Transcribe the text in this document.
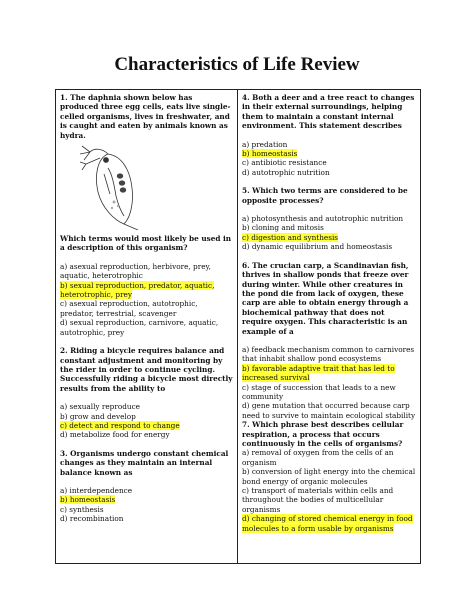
Characteristics of Life Review

1. The daphnia shown below has produced three egg cells, eats live single-celled organisms, lives in freshwater, and is caught and eaten by animals known as hydra.

Which terms would most likely be used in a description of this organism?

a) asexual reproduction, herbivore, prey, aquatic, heterotrophic
b) sexual reproduction, predator, aquatic, heterotrophic, prey
c) asexual reproduction, autotrophic, predator, terrestrial, scavenger
d) sexual reproduction, carnivore, aquatic, autotrophic, prey

2. Riding a bicycle requires balance and constant adjustment and monitoring by the rider in order to continue cycling. Successfully riding a bicycle most directly results from the ability to

a) sexually reproduce
b) grow and develop
c) detect and respond to change
d) metabolize food for energy

3. Organisms undergo constant chemical changes as they maintain an internal balance known as

a) interdependence
b) homeostasis
c) synthesis
d) recombination

4. Both a deer and a tree react to changes in their external surroundings, helping them to maintain a constant internal environment. This statement describes

a) predation
b) homeostasis
c) antibiotic resistance
d) autotrophic nutrition

5. Which two terms are considered to be opposite processes?

a) photosynthesis and autotrophic nutrition
b) cloning and mitosis
c) digestion and synthesis
d) dynamic equilibrium and homeostasis

6. The crucian carp, a Scandinavian fish, thrives in shallow ponds that freeze over during winter. While other creatures in the pond die from lack of oxygen, these carp are able to obtain energy through a biochemical pathway that does not require oxygen. This characteristic is an example of a

a) feedback mechanism common to carnivores that inhabit shallow pond ecosystems
b) favorable adaptive trait that has led to increased survival
c) stage of succession that leads to a new community
d) gene mutation that occurred because carp need to survive to maintain ecological stability

7. Which phrase best describes cellular respiration, a process that occurs continuously in the cells of organisms?

a) removal of oxygen from the cells of an organism
b) conversion of light energy into the chemical bond energy of organic molecules
c) transport of materials within cells and throughout the bodies of multicellular organisms
d) changing of stored chemical energy in food molecules to a form usable by organisms
